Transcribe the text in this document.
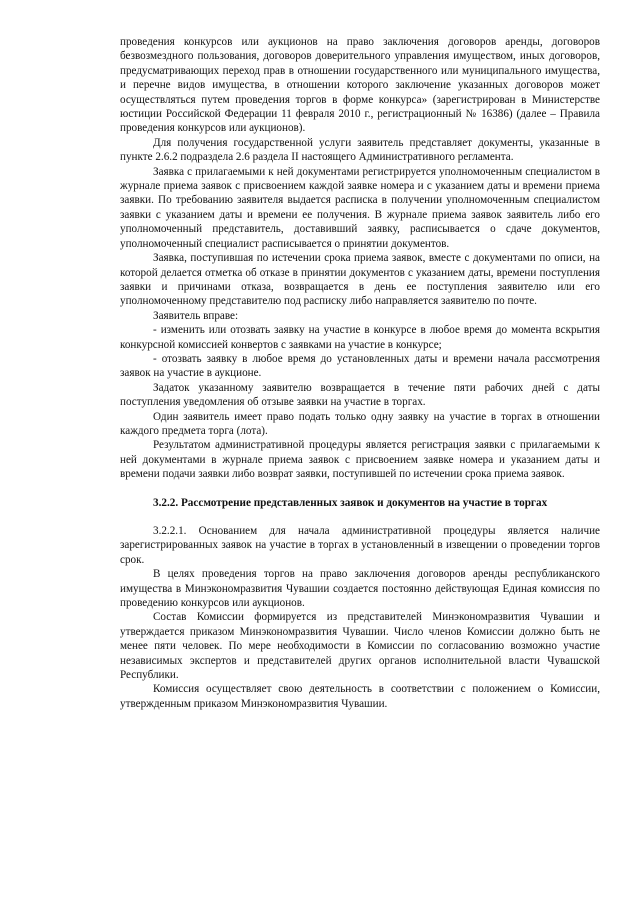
проведения конкурсов или аукционов на право заключения договоров аренды, договоров безвозмездного пользования, договоров доверительного управления имуществом, иных договоров, предусматривающих переход прав в отношении государственного или муниципального имущества, и перечне видов имущества, в отношении которого заключение указанных договоров может осуществляться путем проведения торгов в форме конкурса» (зарегистрирован в Министерстве юстиции Российской Федерации 11 февраля 2010 г., регистрационный № 16386) (далее – Правила проведения конкурсов или аукционов).

Для получения государственной услуги заявитель представляет документы, указанные в пункте 2.6.2 подраздела 2.6 раздела II настоящего Административного регламента.

Заявка с прилагаемыми к ней документами регистрируется уполномоченным специалистом в журнале приема заявок с присвоением каждой заявке номера и с указанием даты и времени приема заявки. По требованию заявителя выдается расписка в получении уполномоченным специалистом заявки с указанием даты и времени ее получения. В журнале приема заявок заявитель либо его уполномоченный представитель, доставивший заявку, расписывается о сдаче документов, уполномоченный специалист расписывается о принятии документов.

Заявка, поступившая по истечении срока приема заявок, вместе с документами по описи, на которой делается отметка об отказе в принятии документов с указанием даты, времени поступления заявки и причинами отказа, возвращается в день ее поступления заявителю или его уполномоченному представителю под расписку либо направляется заявителю по почте.

Заявитель вправе:

- изменить или отозвать заявку на участие в конкурсе в любое время до момента вскрытия конкурсной комиссией конвертов с заявками на участие в конкурсе;

- отозвать заявку в любое время до установленных даты и времени начала рассмотрения заявок на участие в аукционе.

Задаток указанному заявителю возвращается в течение пяти рабочих дней с даты поступления уведомления об отзыве заявки на участие в торгах.

Один заявитель имеет право подать только одну заявку на участие в торгах в отношении каждого предмета торга (лота).

Результатом административной процедуры является регистрация заявки с прилагаемыми к ней документами в журнале приема заявок с присвоением заявке номера и указанием даты и времени подачи заявки либо возврат заявки, поступившей по истечении срока приема заявок.

3.2.2. Рассмотрение представленных заявок и документов на участие в торгах

3.2.2.1. Основанием для начала административной процедуры является наличие зарегистрированных заявок на участие в торгах в установленный в извещении о проведении торгов срок.

В целях проведения торгов на право заключения договоров аренды республиканского имущества в Минэкономразвития Чувашии создается постоянно действующая Единая комиссия по проведению конкурсов или аукционов.

Состав Комиссии формируется из представителей Минэкономразвития Чувашии и утверждается приказом Минэкономразвития Чувашии. Число членов Комиссии должно быть не менее пяти человек. По мере необходимости в Комиссии по согласованию возможно участие независимых экспертов и представителей других органов исполнительной власти Чувашской Республики.

Комиссия осуществляет свою деятельность в соответствии с положением о Комиссии, утвержденным приказом Минэкономразвития Чувашии.
